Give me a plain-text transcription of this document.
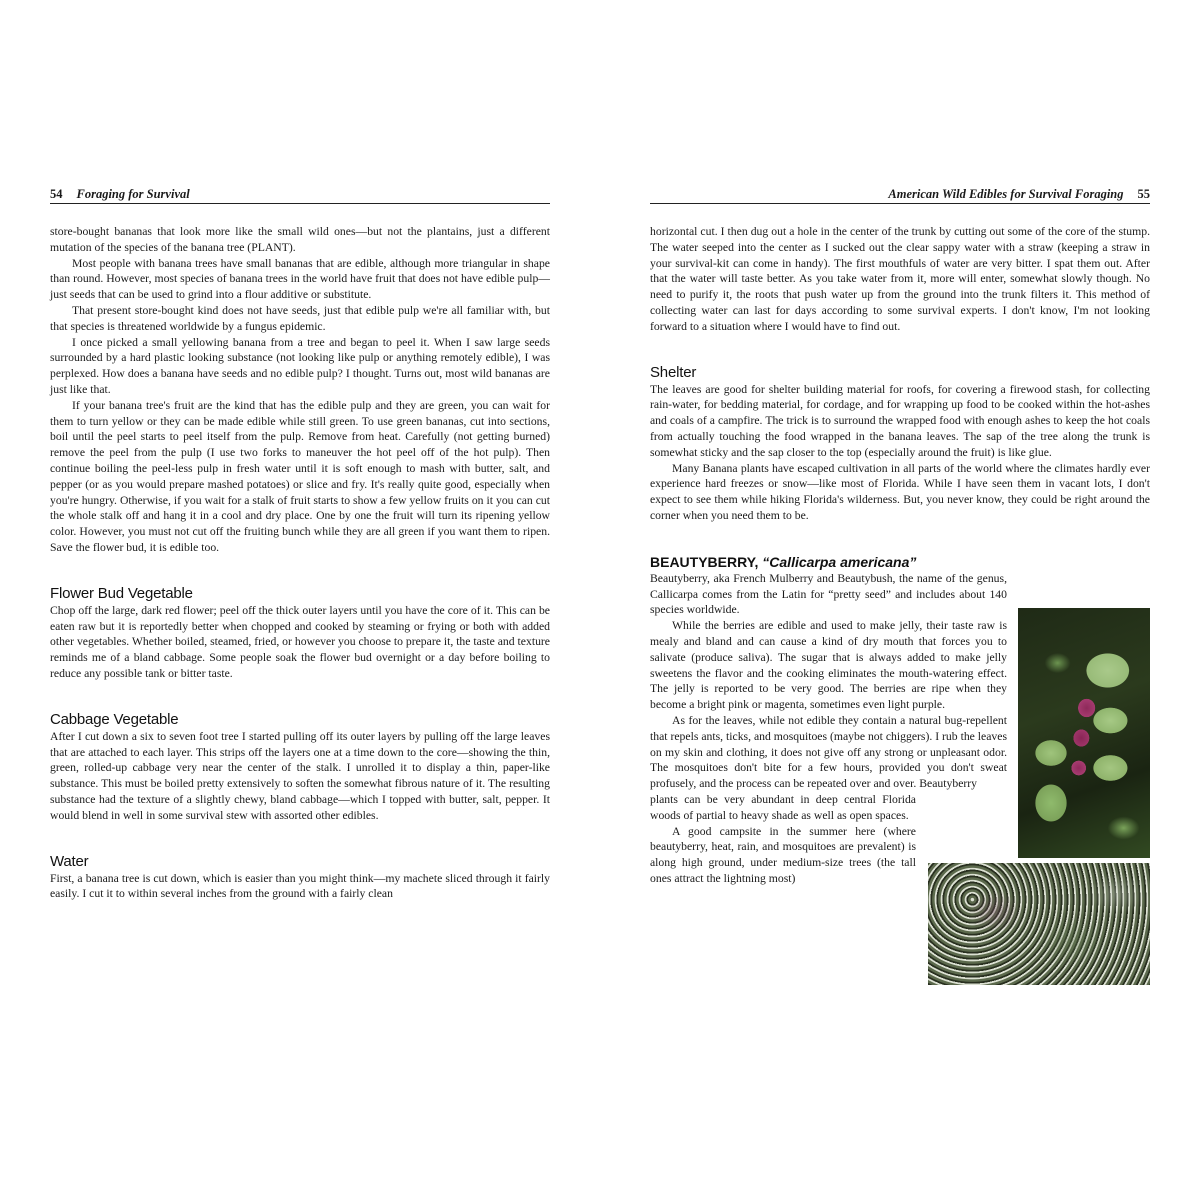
54 Foraging for Survival

store-bought bananas that look more like the small wild ones—but not the plantains, just a different mutation of the species of the banana tree (PLANT).

Most people with banana trees have small bananas that are edible, although more triangular in shape than round. However, most species of banana trees in the world have fruit that does not have edible pulp—just seeds that can be used to grind into a flour additive or substitute.

That present store-bought kind does not have seeds, just that edible pulp we're all familiar with, but that species is threatened worldwide by a fungus epidemic.

I once picked a small yellowing banana from a tree and began to peel it. When I saw large seeds surrounded by a hard plastic looking substance (not looking like pulp or anything remotely edible), I was perplexed. How does a banana have seeds and no edible pulp? I thought. Turns out, most wild bananas are just like that.

If your banana tree's fruit are the kind that has the edible pulp and they are green, you can wait for them to turn yellow or they can be made edible while still green. To use green bananas, cut into sections, boil until the peel starts to peel itself from the pulp. Remove from heat. Carefully (not getting burned) remove the peel from the pulp (I use two forks to maneuver the hot peel off of the hot pulp). Then continue boiling the peel-less pulp in fresh water until it is soft enough to mash with butter, salt, and pepper (or as you would prepare mashed potatoes) or slice and fry. It's really quite good, especially when you're hungry. Otherwise, if you wait for a stalk of fruit starts to show a few yellow fruits on it you can cut the whole stalk off and hang it in a cool and dry place. One by one the fruit will turn its ripening yellow color. However, you must not cut off the fruiting bunch while they are all green if you want them to ripen. Save the flower bud, it is edible too.

Flower Bud Vegetable

Chop off the large, dark red flower; peel off the thick outer layers until you have the core of it. This can be eaten raw but it is reportedly better when chopped and cooked by steaming or frying or both with added other vegetables. Whether boiled, steamed, fried, or however you choose to prepare it, the taste and texture reminds me of a bland cabbage. Some people soak the flower bud overnight or a day before boiling to reduce any possible tank or bitter taste.

Cabbage Vegetable

After I cut down a six to seven foot tree I started pulling off its outer layers by pulling off the large leaves that are attached to each layer. This strips off the layers one at a time down to the core—showing the thin, green, rolled-up cabbage very near the center of the stalk. I unrolled it to display a thin, paper-like substance. This must be boiled pretty extensively to soften the somewhat fibrous nature of it. The resulting substance had the texture of a slightly chewy, bland cabbage—which I topped with butter, salt, pepper. It would blend in well in some survival stew with assorted other edibles.

Water

First, a banana tree is cut down, which is easier than you might think—my machete sliced through it fairly easily. I cut it to within several inches from the ground with a fairly clean

American Wild Edibles for Survival Foraging 55

horizontal cut. I then dug out a hole in the center of the trunk by cutting out some of the core of the stump. The water seeped into the center as I sucked out the clear sappy water with a straw (keeping a straw in your survival-kit can come in handy). The first mouthfuls of water are very bitter. I spat them out. After that the water will taste better. As you take water from it, more will enter, somewhat slowly though. No need to purify it, the roots that push water up from the ground into the trunk filters it. This method of collecting water can last for days according to some survival experts. I don't know, I'm not looking forward to a situation where I would have to find out.

Shelter

The leaves are good for shelter building material for roofs, for covering a firewood stash, for collecting rain-water, for bedding material, for cordage, and for wrapping up food to be cooked within the hot-ashes and coals of a campfire. The trick is to surround the wrapped food with enough ashes to keep the hot coals from actually touching the food wrapped in the banana leaves. The sap of the tree along the trunk is somewhat sticky and the sap closer to the top (especially around the fruit) is like glue.

Many Banana plants have escaped cultivation in all parts of the world where the climates hardly ever experience hard freezes or snow—like most of Florida. While I have seen them in vacant lots, I don't expect to see them while hiking Florida's wilderness. But, you never know, they could be right around the corner when you need them to be.

BEAUTYBERRY, “Callicarpa americana”

Beautyberry, aka French Mulberry and Beautybush, the name of the genus, Callicarpa comes from the Latin for “pretty seed” and includes about 140 species worldwide.

While the berries are edible and used to make jelly, their taste raw is mealy and bland and can cause a kind of dry mouth that forces you to salivate (produce saliva). The sugar that is always added to make jelly sweetens the flavor and the cooking eliminates the mouth-watering effect. The jelly is reported to be very good. The berries are ripe when they become a bright pink or magenta, sometimes even light purple.

As for the leaves, while not edible they contain a natural bug-repellent that repels ants, ticks, and mosquitoes (maybe not chiggers). I rub the leaves on my skin and clothing, it does not give off any strong or unpleasant odor. The mosquitoes don't bite for a few hours, provided you don't sweat profusely, and the process can be repeated over and over. Beautyberry

plants can be very abundant in deep central Florida woods of partial to heavy shade as well as open spaces.

A good campsite in the summer here (where beautyberry, heat, rain, and mosquitoes are prevalent) is along high ground, under medium-size trees (the tall ones attract the lightning most)
